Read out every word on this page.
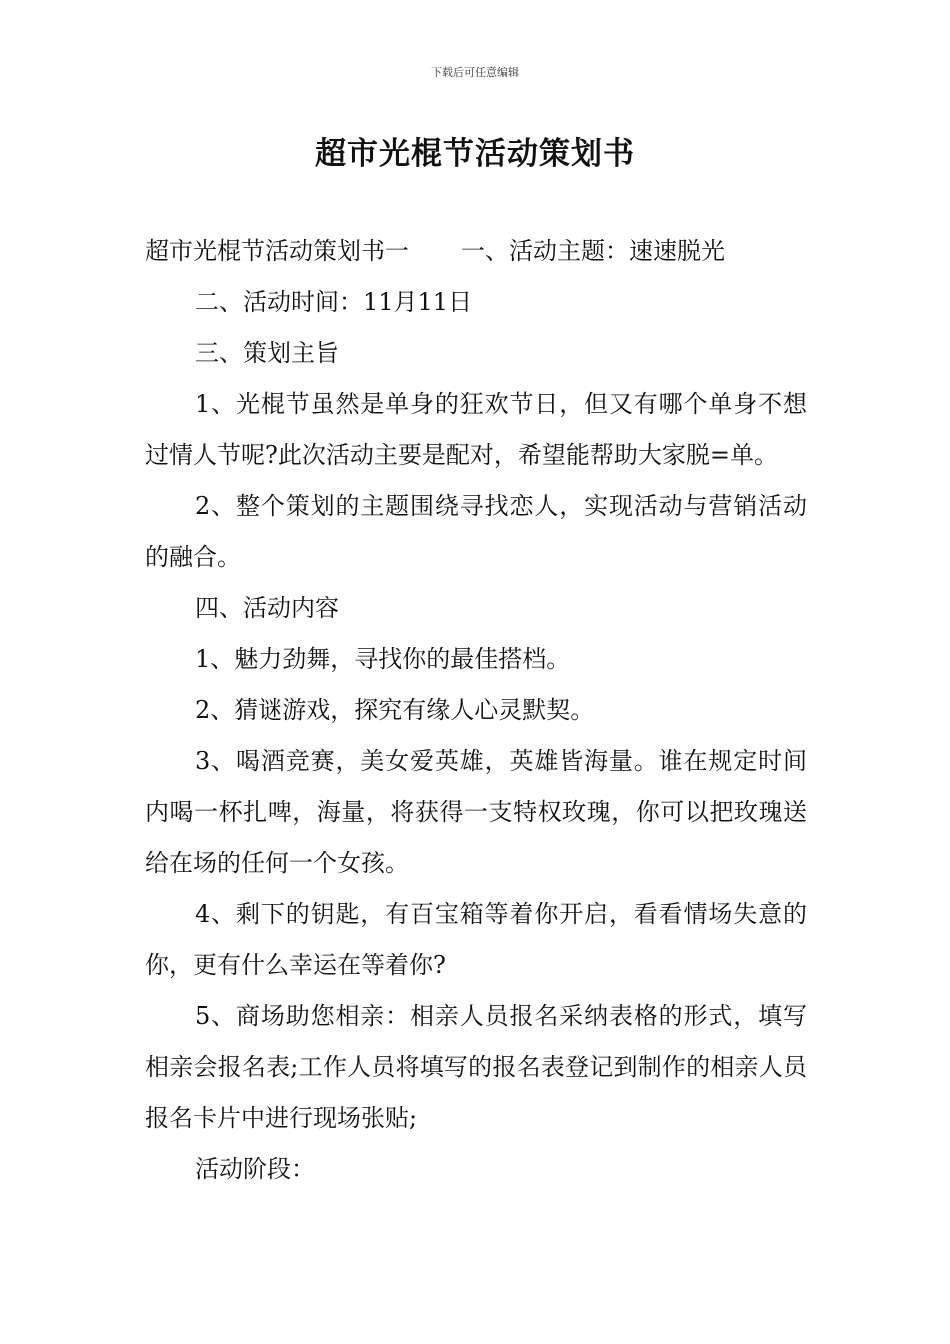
下载后可任意编辑
超市光棍节活动策划书

超市光棍节活动策划书一 一、活动主题：速速脱光

二、活动时间：11月11日

三、策划主旨

1、光棍节虽然是单身的狂欢节日，但又有哪个单身不想过情人节呢?此次活动主要是配对，希望能帮助大家脱=单。

2、整个策划的主题围绕寻找恋人，实现活动与营销活动的融合。

四、活动内容

1、魅力劲舞，寻找你的最佳搭档。

2、猜谜游戏，探究有缘人心灵默契。

3、喝酒竞赛，美女爱英雄，英雄皆海量。谁在规定时间内喝一杯扎啤，海量，将获得一支特权玫瑰，你可以把玫瑰送给在场的任何一个女孩。

4、剩下的钥匙，有百宝箱等着你开启，看看情场失意的你，更有什么幸运在等着你?

5、商场助您相亲：相亲人员报名采纳表格的形式，填写相亲会报名表;工作人员将填写的报名表登记到制作的相亲人员报名卡片中进行现场张贴;

活动阶段：
